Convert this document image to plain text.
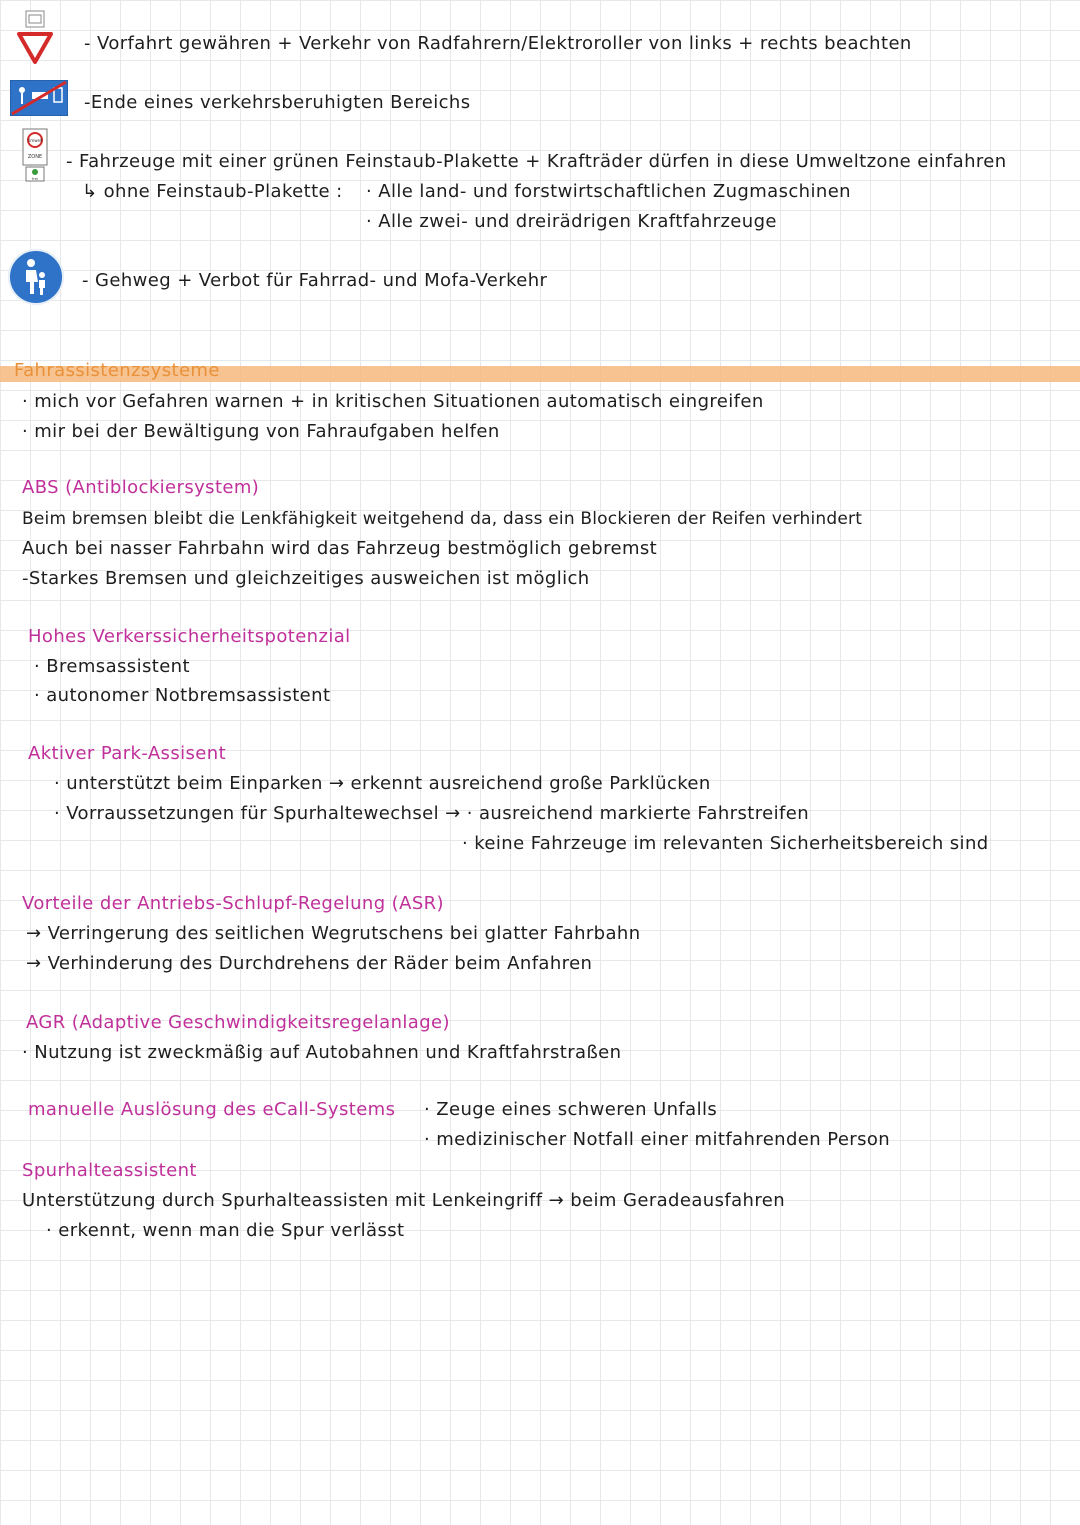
Umwelt
ZONE
frei
- Vorfahrt gewähren + Verkehr von Radfahrern/Elektroroller von links + rechts beachten
-Ende eines verkehrsberuhigten Bereichs
- Fahrzeuge mit einer grünen Feinstaub-Plakette + Krafträder dürfen in diese Umweltzone einfahren
↳ ohne Feinstaub-Plakette : · Alle land- und forstwirtschaftlichen Zugmaschinen
· Alle zwei- und dreirädrigen Kraftfahrzeuge
- Gehweg + Verbot für Fahrrad- und Mofa-Verkehr
Fahrassistenzsysteme
· mich vor Gefahren warnen + in kritischen Situationen automatisch eingreifen
· mir bei der Bewältigung von Fahraufgaben helfen
ABS (Antiblockiersystem)
Beim bremsen bleibt die Lenkfähigkeit weitgehend da, dass ein Blockieren der Reifen verhindert
Auch bei nasser Fahrbahn wird das Fahrzeug bestmöglich gebremst
-Starkes Bremsen und gleichzeitiges ausweichen ist möglich
Hohes Verkerssicherheitspotenzial
· Bremsassistent
· autonomer Notbremsassistent
Aktiver Park-Assisent
· unterstützt beim Einparken → erkennt ausreichend große Parklücken
· Vorraussetzungen für Spurhaltewechsel → · ausreichend markierte Fahrstreifen
· keine Fahrzeuge im relevanten Sicherheitsbereich sind
Vorteile der Antriebs-Schlupf-Regelung (ASR)
→ Verringerung des seitlichen Wegrutschens bei glatter Fahrbahn
→ Verhinderung des Durchdrehens der Räder beim Anfahren
AGR (Adaptive Geschwindigkeitsregelanlage)
· Nutzung ist zweckmäßig auf Autobahnen und Kraftfahrstraßen
manuelle Auslösung des eCall-Systems · Zeuge eines schweren Unfalls
· medizinischer Notfall einer mitfahrenden Person
Spurhalteassistent
Unterstützung durch Spurhalteassisten mit Lenkeingriff → beim Geradeausfahren
· erkennt, wenn man die Spur verlässt
